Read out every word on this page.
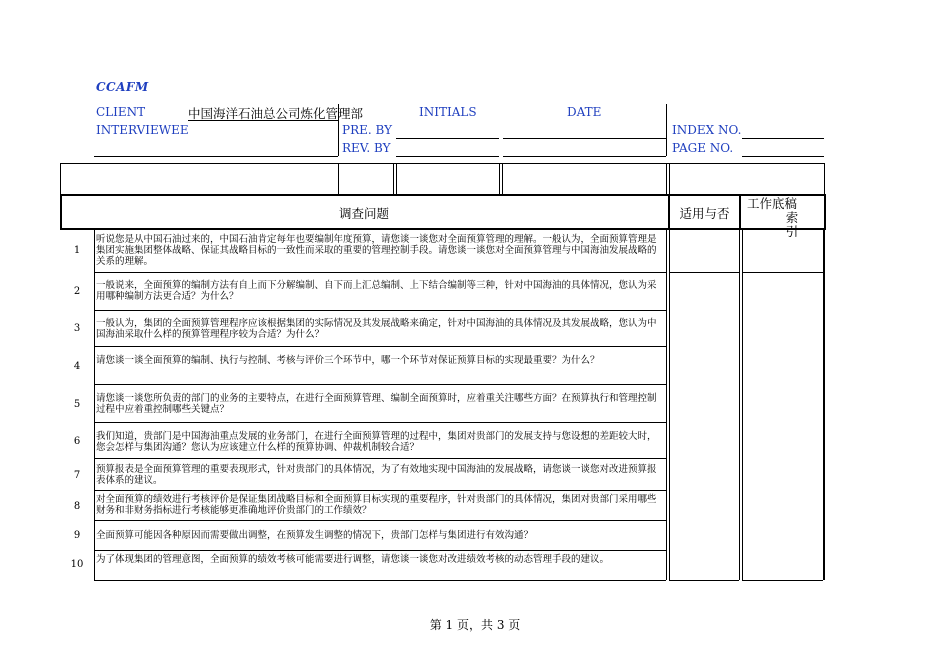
CCAFM
CLIENT	中国海洋石油总公司炼化管理部	INITIALS	DATE
INTERVIEWEE	PRE. BY
REV. BY
INDEX NO.
PAGE NO.
调查问题	适用与否
工作底稿
索引
1
听说您是从中国石油过来的，中国石油肯定每年也要编制年度预算，请您谈一谈您对全面预算管理的理解。一般认为，全面预算管理是集团实施集团整体战略、保证其战略目标的一致性而采取的重要的管理控制手段。请您谈一谈您对全面预算管理与中国海油发展战略的关系的理解。
2
一般说来，全面预算的编制方法有自上而下分解编制、自下而上汇总编制、上下结合编制等三种，针对中国海油的具体情况，您认为采用哪种编制方法更合适？为什么？
3	一般认为，集团的全面预算管理程序应该根据集团的实际情况及其发展战略来确定，针对中国海油的具体情况及其发展战略，您认为中国海油采取什么样的预算管理程序较为合适？为什么？
4
请您谈一谈全面预算的编制、执行与控制、考核与评价三个环节中，哪一个环节对保证预算目标的实现最重要？为什么？
5
请您谈一谈您所负责的部门的业务的主要特点，在进行全面预算管理、编制全面预算时，应着重关注哪些方面？在预算执行和管理控制过程中应着重控制哪些关键点？
6	我们知道，贵部门是中国海油重点发展的业务部门，在进行全面预算管理的过程中，集团对贵部门的发展支持与您设想的差距较大时，您会怎样与集团沟通？您认为应该建立什么样的预算协调、仲裁机制较合适？
7
预算报表是全面预算管理的重要表现形式，针对贵部门的具体情况，为了有效地实现中国海油的发展战略，请您谈一谈您对改进预算报表体系的建议。
8
对全面预算的绩效进行考核评价是保证集团战略目标和全面预算目标实现的重要程序，针对贵部门的具体情况，集团对贵部门采用哪些财务和非财务指标进行考核能够更准确地评价贵部门的工作绩效？
9	全面预算可能因各种原因而需要做出调整，在预算发生调整的情况下，贵部门怎样与集团进行有效沟通？
10	为了体现集团的管理意图，全面预算的绩效考核可能需要进行调整，请您谈一谈您对改进绩效考核的动态管理手段的建议。
第 1 页，共 3 页
